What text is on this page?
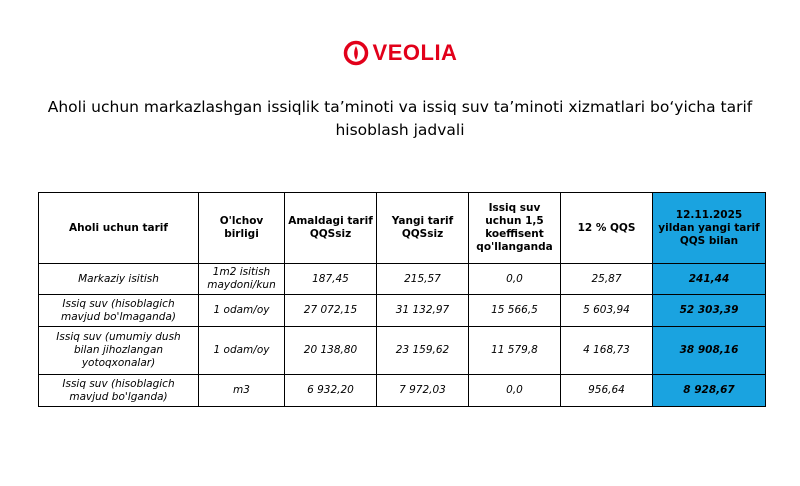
VEOLIA
Aholi uchun markazlashgan issiqlik ta’minoti va issiq suv ta’minoti xizmatlari bo‘yicha tarif
hisoblash jadvali
Aholi uchun tarif	O'lchov birligi	Amaldagi tarif QQSsiz	Yangi tarif QQSsiz	Issiq suv uchun 1,5 koeffisent qo'llanganda	12 % QQS	12.11.2025 yildan yangi tarif QQS bilan
Markaziy isitish	1m2 isitish maydoni/kun	187,45	215,57	0,0	25,87	241,44
Issiq suv (hisoblagich mavjud bo'lmaganda)	1 odam/oy	27 072,15	31 132,97	15 566,5	5 603,94	52 303,39
Issiq suv (umumiy dush bilan jihozlangan yotoqxonalar)	1 odam/oy	20 138,80	23 159,62	11 579,8	4 168,73	38 908,16
Issiq suv (hisoblagich mavjud bo'lganda)	m3	6 932,20	7 972,03	0,0	956,64	8 928,67
